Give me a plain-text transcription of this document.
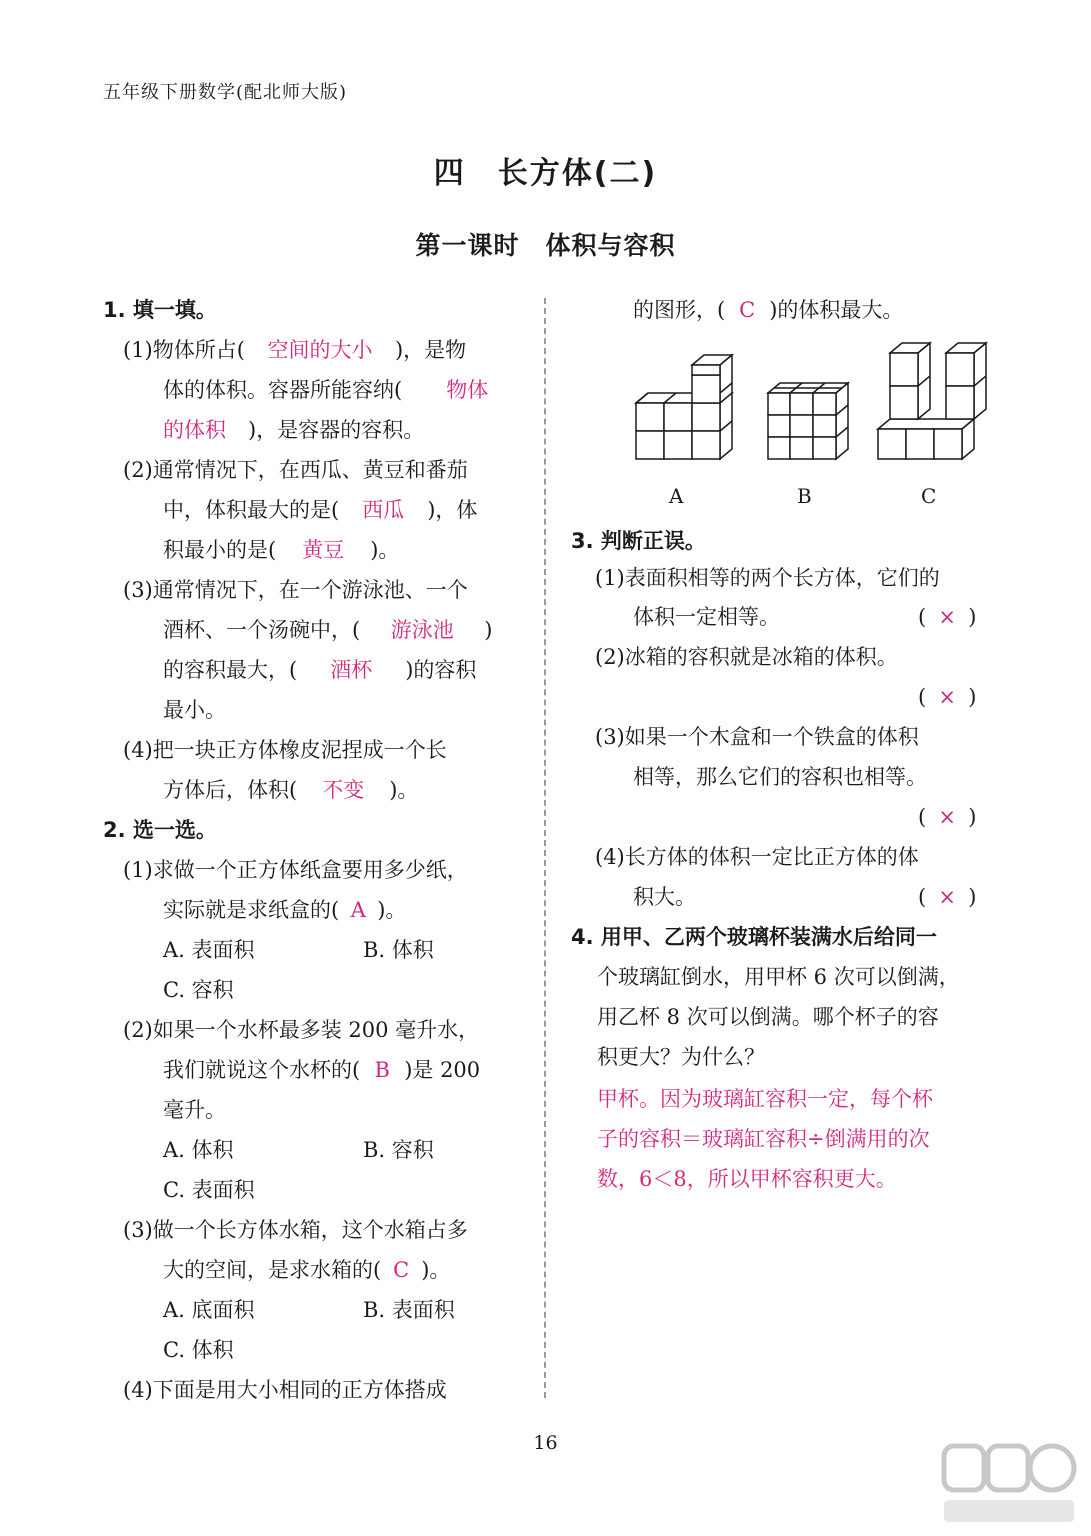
五年级下册数学(配北师大版)
四　长方体(二)
第一课时　体积与容积
1. 填一填。
(1)物体所占( 空间的大小 )，是物
体的体积。容器所能容纳( 物体
的体积 )，是容器的容积。
(2)通常情况下，在西瓜、黄豆和番茄
中，体积最大的是( 西瓜 )，体
积最小的是( 黄豆 )。
(3)通常情况下，在一个游泳池、一个
酒杯、一个汤碗中，( 游泳池 )
的容积最大，( 酒杯 )的容积
最小。
(4)把一块正方体橡皮泥捏成一个长
方体后，体积( 不变 )。
2. 选一选。
(1)求做一个正方体纸盒要用多少纸，
实际就是求纸盒的( A )。
A. 表面积	B. 体积
C. 容积
(2)如果一个水杯最多装 200 毫升水，
我们就说这个水杯的( B )是 200
毫升。
A. 体积	B. 容积
C. 表面积
(3)做一个长方体水箱，这个水箱占多
大的空间，是求水箱的( C )。
A. 底面积	B. 表面积
C. 体积
(4)下面是用大小相同的正方体搭成
的图形，( C )的体积最大。
A	B	C
3. 判断正误。
(1)表面积相等的两个长方体，它们的
体积一定相等。	( × )
(2)冰箱的容积就是冰箱的体积。
( × )
(3)如果一个木盒和一个铁盒的体积
相等，那么它们的容积也相等。
( × )
(4)长方体的体积一定比正方体的体
积大。	( × )
4. 用甲、乙两个玻璃杯装满水后给同一
个玻璃缸倒水，用甲杯 6 次可以倒满，
用乙杯 8 次可以倒满。哪个杯子的容
积更大？为什么？
甲杯。因为玻璃缸容积一定，每个杯
子的容积＝玻璃缸容积÷倒满用的次
数，6＜8，所以甲杯容积更大。
16
